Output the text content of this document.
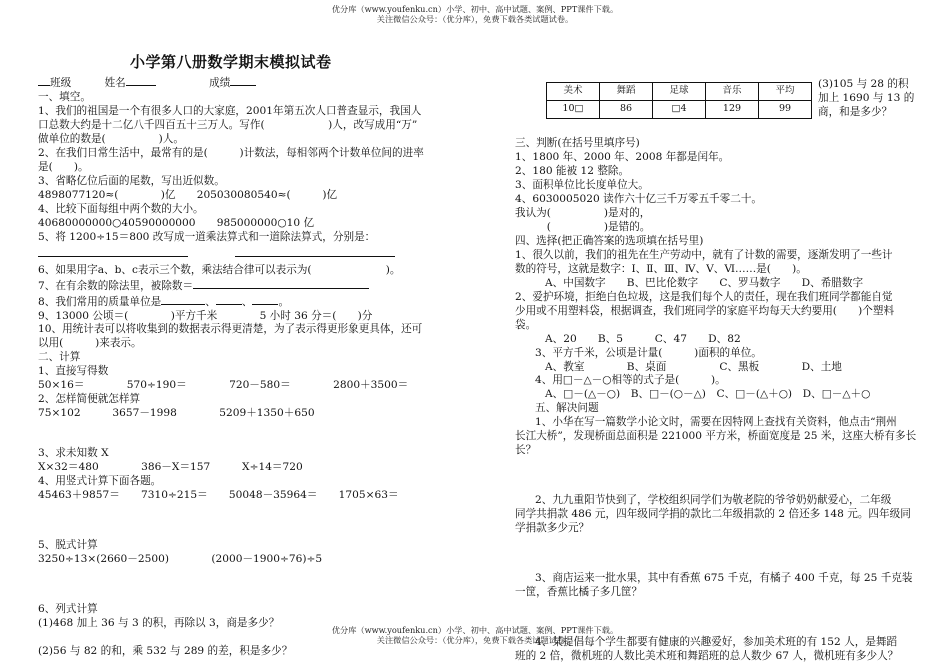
优分库（www.youfenku.cn）小学、初中、高中试题、案例、PPT课件下载。
关注微信公众号：（优分库），免费下载各类试题试卷。
小学第八册数学期末模拟试卷
班级	姓名	成绩
一、填空。
1、我们的祖国是一个有很多人口的大家庭，2001年第五次人口普查显示，我国人
口总数大约是十二亿八千四百五十三万人。写作(　　　　　　)人，改写成用“万”
做单位的数是(　　　　　)人。
2、在我们日常生活中，最常有的是(　　　)计数法，每相邻两个计数单位间的进率
是(　　)。
3、省略亿位后面的尾数，写出近似数。
4898077120≈(　　　　)亿　　205030080540≈(　　　)亿
4、比较下面每组中两个数的大小。
40680000000○40590000000　　985000000○10 亿
5、将 1200÷15＝800 改写成一道乘法算式和一道除法算式，分别是：

6、如果用字a、b、c表示三个数，乘法结合律可以表示为(　　　　　　　)。
7、在有余数的除法里，被除数＝
8、我们常用的质量单位是	、 、 。
9、13000 公顷＝(　　　　)平方千米　　　　5 小时 36 分＝(　　)分
10、用统计表可以将收集到的数据表示得更清楚，为了表示得更形象更具体，还可
以用(　　　)来表示。
二、计算
1、直接写得数
50×16＝　　　　570÷190＝　　　　720－580＝　　　　2800＋3500＝
2、怎样简便就怎样算
75×102　　　3657－1998　　　　5209＋1350＋650
3、求未知数 X
X×32＝480　　　　386－X＝157　　　X÷14＝720
4、用竖式计算下面各题。
45463＋9857＝　　7310÷215＝　　50048－35964＝　　1705×63＝
5、脱式计算
3250÷13×(2660－2500)　　　　(2000－1900÷76)÷5
6、列式计算
(1)468 加上 36 与 3 的积，再除以 3，商是多少？
(2)56 与 82 的和，乘 532 与 289 的差，积是多少？
美术	舞蹈	足球	音乐	平均
10□	86	□4	129	99
(3)105 与 28 的积加上 1690 与 13 的商，和是多少？
三、判断(在括号里填序号)
1、1800 年、2000 年、2008 年都是闰年。
2、180 能被 12 整除。
3、面积单位比长度单位大。
4、6030005020 读作六十亿三千万零五千零二十。
我认为(　　　　　)是对的，
　　　(　　　　　)是错的。
四、选择(把正确答案的选项填在括号里)
1、很久以前，我们的祖先在生产劳动中，就有了计数的需要，逐渐发明了一些计
数的符号，这就是数字：Ⅰ、Ⅱ、Ⅲ、Ⅳ、Ⅴ、Ⅵ……是(　　)。
A、中国数字　　B、巴比伦数字　　C、罗马数字　　D、希腊数字
2、爱护环境，拒绝白色垃圾，这是我们每个人的责任，现在我们班同学都能自觉
少用或不用塑料袋，根据调查，我们班同学的家庭平均每天大约要用(　　)个塑料
袋。
A、20　　B、5　　　C、47　　D、82
3、平方千米，公顷是计量(　　　)面积的单位。
A、教室　　　　B、桌面　　　　　C、黑板　　　　D、土地
4、用□－△－○相等的式子是(　　　)。
A、□－(△－○)　B、□－(○－△)　C、□－(△＋○)　D、□－△＋○
五、解决问题
1、小华在写一篇数学小论文时，需要在因特网上查找有关资料，他点击“荆州
长江大桥”，发现桥面总面积是 221000 平方米，桥面宽度是 25 米，这座大桥有多长
长？
2、九九重阳节快到了，学校组织同学们为敬老院的爷爷奶奶献爱心，二年级
同学共捐款 486 元，四年级同学捐的款比二年级捐款的 2 倍还多 148 元。四年级同
学捐款多少元？
3、商店运来一批水果，其中有香蕉 675 千克，有橘子 400 千克，每 25 千克装
一筐，香蕉比橘子多几筐？
4、某提倡每个学生都要有健康的兴趣爱好，参加美术班的有 152 人，是舞蹈
班的 2 倍，微机班的人数比美术班和舞蹈班的总人数少 67 人，微机班有多少人？
优分库（www.youfenku.cn）小学、初中、高中试题、案例、PPT课件下载。
关注微信公众号：（优分库），免费下载各类试题试卷。
